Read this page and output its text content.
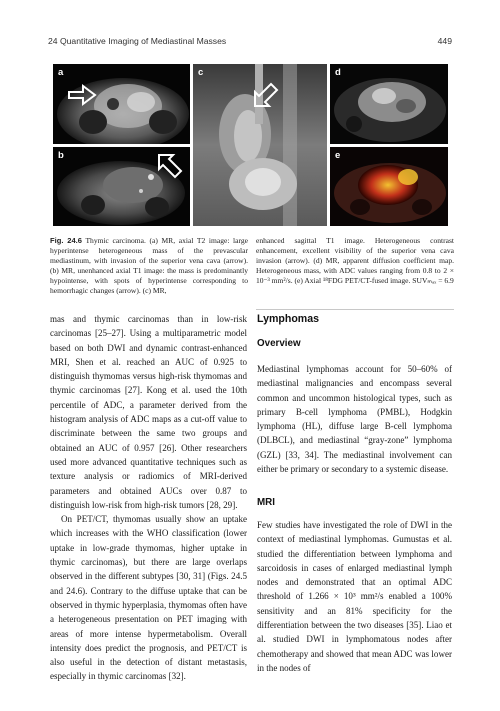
24 Quantitative Imaging of Mediastinal Masses	449
a
b
c	d
e
Fig. 24.6 Thymic carcinoma. (a) MR, axial T2 image: large hyperintense heterogeneous mass of the prevascular mediastinum, with invasion of the superior vena cava (arrow). (b) MR, unenhanced axial T1 image: the mass is predominantly hypointense, with spots of hyperintense corresponding to hemorrhagic changes (arrow). (c) MR,
enhanced sagittal T1 image. Heterogeneous contrast enhancement, excellent visibility of the superior vena cava invasion (arrow). (d) MR, apparent diffusion coefficient map. Heterogeneous mass, with ADC values ranging from 0.8 to 2 × 10⁻³ mm²/s. (e) Axial ¹⁸FDG PET/CT-fused image. SUVₘₐₓ = 6.9

mas and thymic carcinomas than in low-risk carcinomas [25–27]. Using a multiparametric model based on both DWI and dynamic contrast-enhanced MRI, Shen et al. reached an AUC of 0.925 to distinguish thymomas versus high-risk thymomas and thymic carcinomas [27]. Kong et al. used the 10th percentile of ADC, a parameter derived from the histogram analysis of ADC maps as a cut-off value to discriminate between the same two groups and obtained an AUC of 0.957 [26]. Other researchers used more advanced quantitative techniques such as texture analysis or radiomics of MRI-derived parameters and obtained AUCs over 0.87 to distinguish low-risk from high-risk tumors [28, 29].

On PET/CT, thymomas usually show an uptake which increases with the WHO classification (lower uptake in low-grade thymomas, higher uptake in thymic carcinomas), but there are large overlaps observed in the different subtypes [30, 31] (Figs. 24.5 and 24.6). Contrary to the diffuse uptake that can be observed in thymic hyperplasia, thymomas often have a heterogeneous presentation on PET imaging with areas of more intense hypermetabolism. Overall intensity does predict the prognosis, and PET/CT is also useful in the detection of distant metastasis, especially in thymic carcinomas [32].

Lymphomas
Overview

Mediastinal lymphomas account for 50–60% of mediastinal malignancies and encompass several common and uncommon histological types, such as primary B-cell lymphoma (PMBL), Hodgkin lymphoma (HL), diffuse large B-cell lymphoma (DLBCL), and mediastinal “gray-zone” lymphoma (GZL) [33, 34]. The mediastinal involvement can either be primary or secondary to a systemic disease.

MRI

Few studies have investigated the role of DWI in the context of mediastinal lymphomas. Gumustas et al. studied the differentiation between lymphoma and sarcoidosis in cases of enlarged mediastinal lymph nodes and demonstrated that an optimal ADC threshold of 1.266 × 10³ mm²/s enabled a 100% sensitivity and an 81% specificity for the differentiation between the two diseases [35]. Liao et al. studied DWI in lymphomatous nodes after chemotherapy and showed that mean ADC was lower in the nodes of
